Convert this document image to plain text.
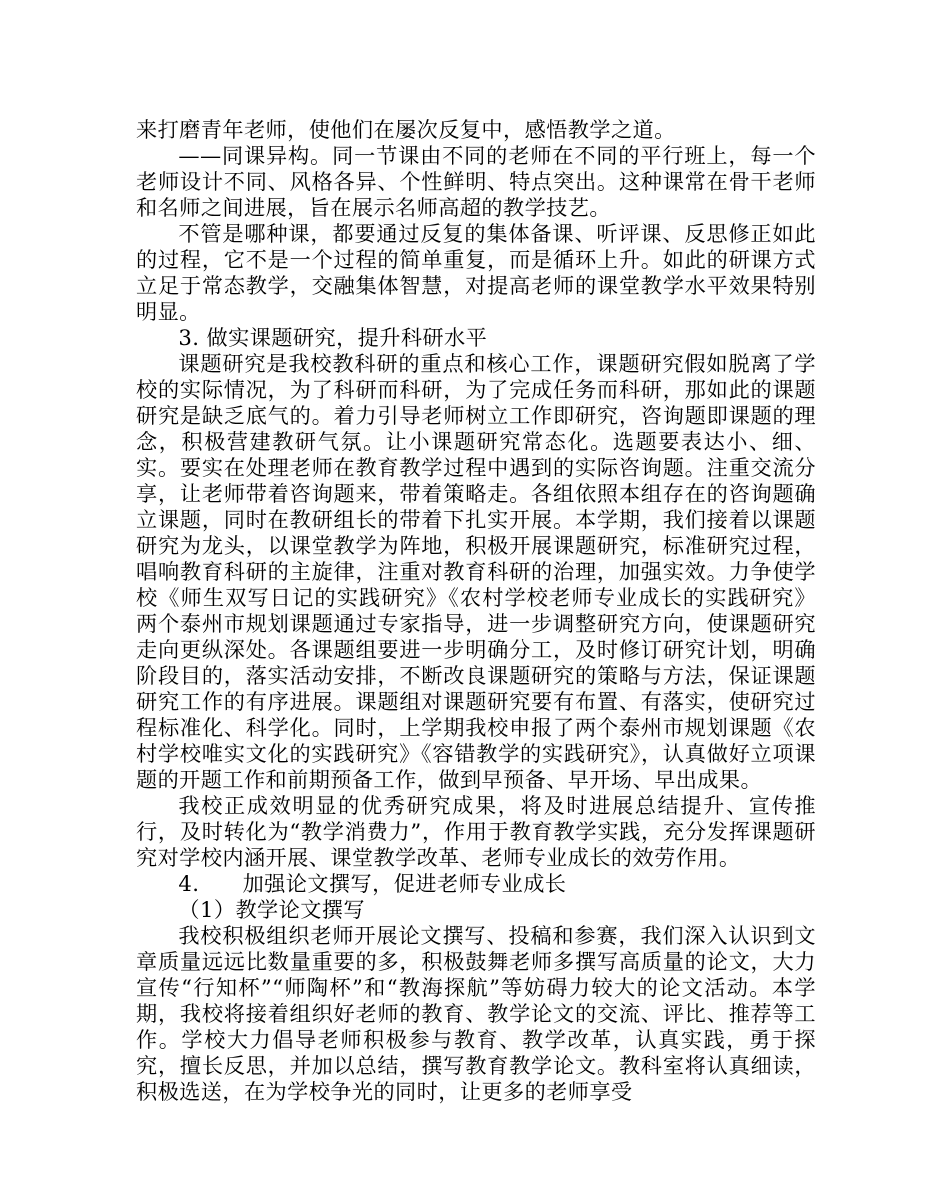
来打磨青年老师，使他们在屡次反复中，感悟教学之道。

——同课异构。同一节课由不同的老师在不同的平行班上，每一个老师设计不同、风格各异、个性鲜明、特点突出。这种课常在骨干老师和名师之间进展，旨在展示名师高超的教学技艺。

不管是哪种课，都要通过反复的集体备课、听评课、反思修正如此的过程，它不是一个过程的简单重复，而是循环上升。如此的研课方式立足于常态教学，交融集体智慧，对提高老师的课堂教学水平效果特别明显。

3. 做实课题研究，提升科研水平

课题研究是我校教科研的重点和核心工作，课题研究假如脱离了学校的实际情况，为了科研而科研，为了完成任务而科研，那如此的课题研究是缺乏底气的。着力引导老师树立工作即研究，咨询题即课题的理念，积极营建教研气氛。让小课题研究常态化。选题要表达小、细、实。要实在处理老师在教育教学过程中遇到的实际咨询题。注重交流分享，让老师带着咨询题来，带着策略走。各组依照本组存在的咨询题确立课题，同时在教研组长的带着下扎实开展。本学期，我们接着以课题研究为龙头，以课堂教学为阵地，积极开展课题研究，标准研究过程，唱响教育科研的主旋律，注重对教育科研的治理，加强实效。力争使学校《师生双写日记的实践研究》《农村学校老师专业成长的实践研究》两个泰州市规划课题通过专家指导，进一步调整研究方向，使课题研究走向更纵深处。各课题组要进一步明确分工，及时修订研究计划，明确阶段目的，落实活动安排，不断改良课题研究的策略与方法，保证课题研究工作的有序进展。课题组对课题研究要有布置、有落实，使研究过程标准化、科学化。同时，上学期我校申报了两个泰州市规划课题《农村学校唯实文化的实践研究》《容错教学的实践研究》，认真做好立项课题的开题工作和前期预备工作，做到早预备、早开场、早出成果。

我校正成效明显的优秀研究成果，将及时进展总结提升、宣传推行，及时转化为“教学消费力”，作用于教育教学实践，充分发挥课题研究对学校内涵开展、课堂教学改革、老师专业成长的效劳作用。

4.　　加强论文撰写，促进老师专业成长

（1）教学论文撰写

我校积极组织老师开展论文撰写、投稿和参赛，我们深入认识到文章质量远远比数量重要的多，积极鼓舞老师多撰写高质量的论文，大力宣传“行知杯”“师陶杯”和“教海探航”等妨碍力较大的论文活动。本学期，我校将接着组织好老师的教育、教学论文的交流、评比、推荐等工作。学校大力倡导老师积极参与教育、教学改革，认真实践，勇于探究，擅长反思，并加以总结，撰写教育教学论文。教科室将认真细读，积极选送，在为学校争光的同时，让更多的老师享受
